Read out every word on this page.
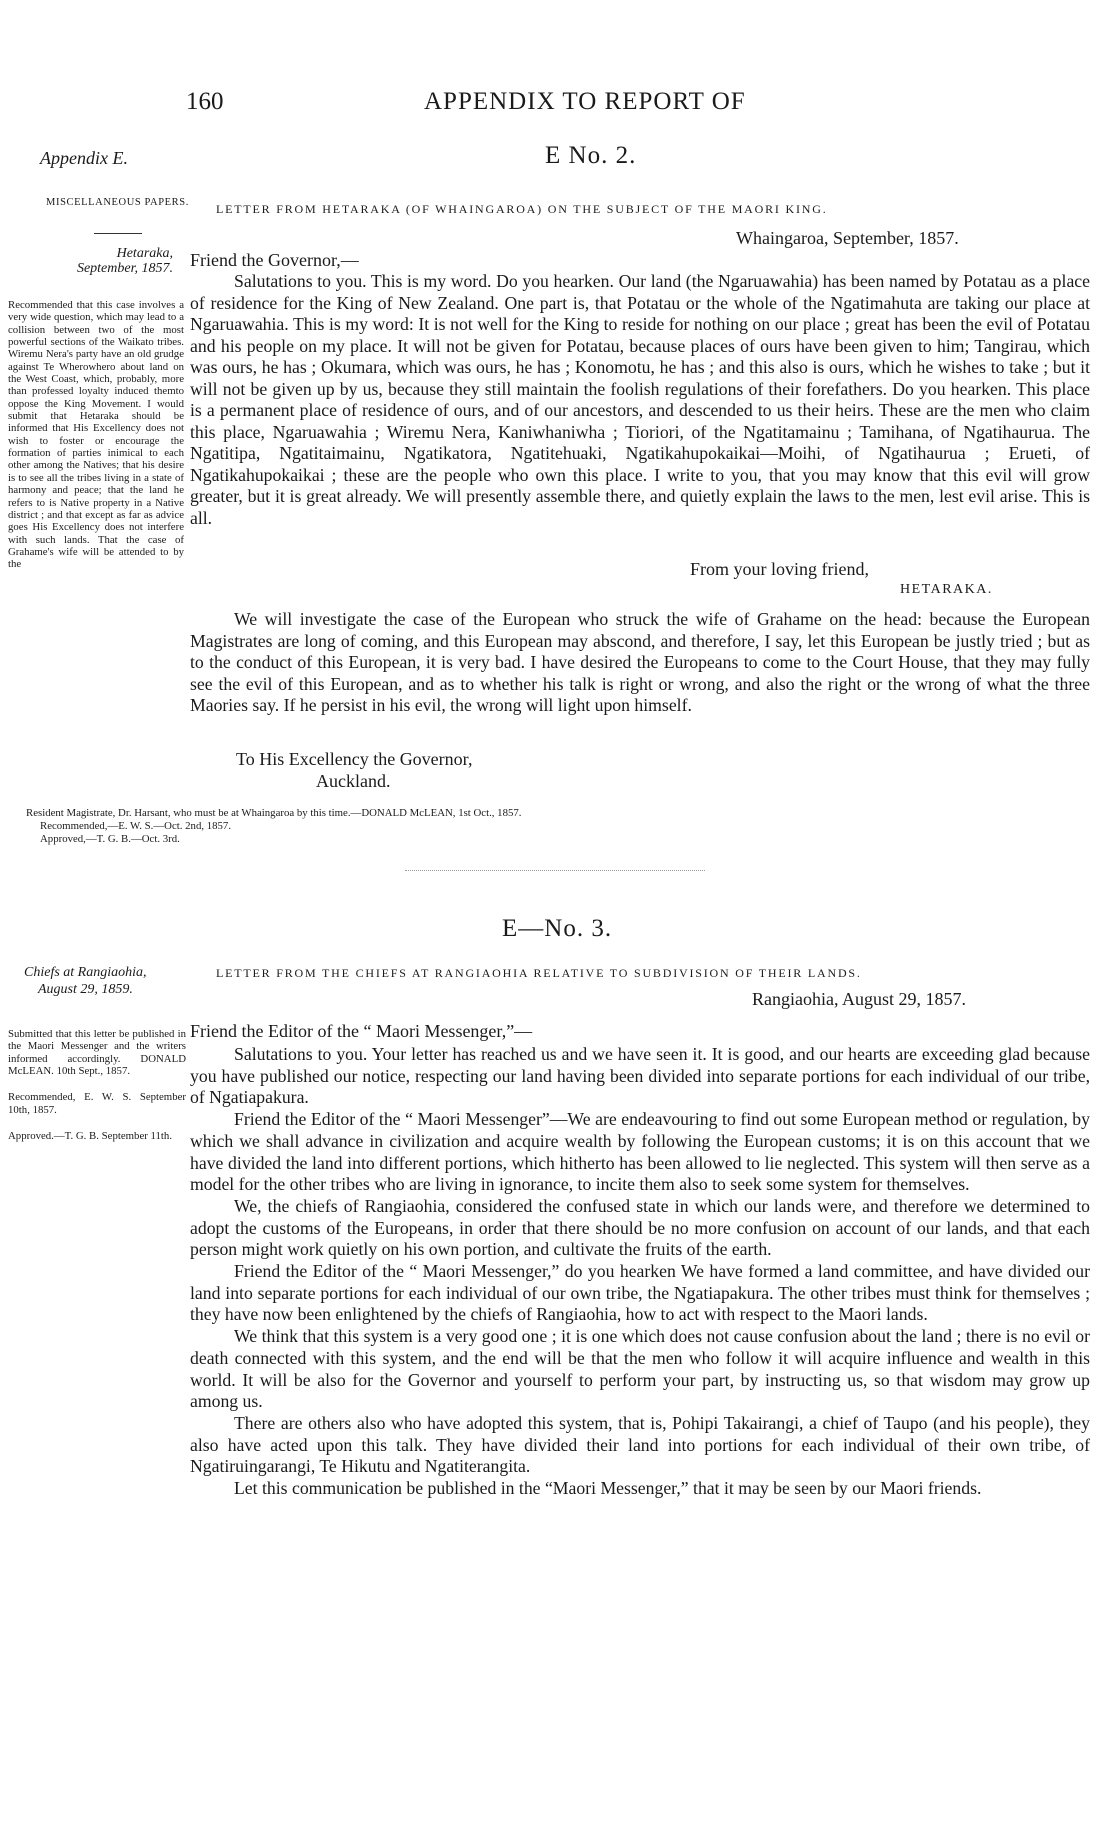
160	APPENDIX TO REPORT OF
Appendix E.	E No. 2.
MISCELLANEOUS PAPERS.	LETTER FROM HETARAKA (OF WHAINGAROA) ON THE SUBJECT OF THE MAORI KING.
Whaingaroa, September, 1857.
Hetaraka,
September, 1857. Friend the Governor,—

Salutations to you. This is my word. Do you hearken. Our land (the Ngaruawahia) has been named by Potatau as a place of residence for the King of New Zealand. One part is, that Potatau or the whole of the Ngatimahuta are taking our place at Ngaruawahia. This is my word: It is not well for the King to reside for nothing on our place ; great has been the evil of Potatau and his people on my place. It will not be given for Potatau, because places of ours have been given to him; Tangirau, which was ours, he has ; Okumara, which was ours, he has ; Konomotu, he has ; and this also is ours, which he wishes to take ; but it will not be given up by us, because they still maintain the foolish regulations of their forefathers. Do you hearken. This place is a permanent place of residence of ours, and of our ancestors, and descended to us their heirs. These are the men who claim this place, Ngaruawahia ; Wiremu Nera, Kaniwhaniwha ; Tioriori, of the Ngatitamainu ; Tamihana, of Ngatihaurua. The Ngatitipa, Ngatitaimainu, Ngatikatora, Ngatitehuaki, Ngatikahupokaikai—Moihi, of Ngatihaurua ; Erueti, of Ngatikahupokaikai ; these are the people who own this place. I write to you, that you may know that this evil will grow greater, but it is great already. We will presently assemble there, and quietly explain the laws to the men, lest evil arise. This is all.

Recommended that this case involves a very wide question, which may lead to a collision between two of the most powerful sections of the Waikato tribes. Wiremu Nera's party have an old grudge against Te Wherowhero about land on the West Coast, which, probably, more than professed loyalty induced themto oppose the King Movement. I would submit that Hetaraka should be informed that His Excellency does not wish to foster or encourage the formation of parties inimical to each other among the Natives; that his desire is to see all the tribes living in a state of harmony and peace; that the land he refers to is Native property in a Native district ; and that except as far as advice goes His Excellency does not interfere with such lands. That the case of Grahame's wife will be attended to by the	From your loving friend,
HETARAKA.

We will investigate the case of the European who struck the wife of Grahame on the head: because the European Magistrates are long of coming, and this European may abscond, and therefore, I say, let this European be justly tried ; but as to the conduct of this European, it is very bad. I have desired the Europeans to come to the Court House, that they may fully see the evil of this European, and as to whether his talk is right or wrong, and also the right or the wrong of what the three Maories say. If he persist in his evil, the wrong will light upon himself.

To His Excellency the Governor,
Auckland.
Resident Magistrate, Dr. Harsant, who must be at Whaingaroa by this time.—DONALD McLEAN, 1st Oct., 1857.
Recommended,—E. W. S.—Oct. 2nd, 1857.
Approved,—T. G. B.—Oct. 3rd.
E—No. 3.
Chiefs at Rangiaohia,
August 29, 1859.
LETTER FROM THE CHIEFS AT RANGIAOHIA RELATIVE TO SUBDIVISION OF THEIR LANDS.
Rangiaohia, August 29, 1857.
Friend the Editor of the “ Maori Messenger,”—

Salutations to you. Your letter has reached us and we have seen it. It is good, and our hearts are exceeding glad because you have published our notice, respecting our land having been divided into separate portions for each individual of our tribe, of Ngatiapakura.

Friend the Editor of the “ Maori Messenger”—We are endeavouring to find out some European method or regulation, by which we shall advance in civilization and acquire wealth by following the European customs; it is on this account that we have divided the land into different portions, which hitherto has been allowed to lie neglected. This system will then serve as a model for the other tribes who are living in ignorance, to incite them also to seek some system for themselves.

We, the chiefs of Rangiaohia, considered the confused state in which our lands were, and therefore we determined to adopt the customs of the Europeans, in order that there should be no more confusion on account of our lands, and that each person might work quietly on his own portion, and cultivate the fruits of the earth.

Friend the Editor of the “ Maori Messenger,” do you hearken We have formed a land committee, and have divided our land into separate portions for each individual of our own tribe, the Ngatiapakura. The other tribes must think for themselves ; they have now been enlightened by the chiefs of Rangiaohia, how to act with respect to the Maori lands.

We think that this system is a very good one ; it is one which does not cause confusion about the land ; there is no evil or death connected with this system, and the end will be that the men who follow it will acquire influence and wealth in this world. It will be also for the Governor and yourself to perform your part, by instructing us, so that wisdom may grow up among us.

There are others also who have adopted this system, that is, Pohipi Takairangi, a chief of Taupo (and his people), they also have acted upon this talk. They have divided their land into portions for each individual of their own tribe, of Ngatiruingarangi, Te Hikutu and Ngatiterangita.

Let this communication be published in the “Maori Messenger,” that it may be seen by our Maori friends.

Submitted that this letter be published in the Maori Messenger and the writers informed accordingly. DONALD McLEAN. 10th Sept., 1857.

Recommended, E. W. S. September 10th, 1857.

Approved.—T. G. B. September 11th.
